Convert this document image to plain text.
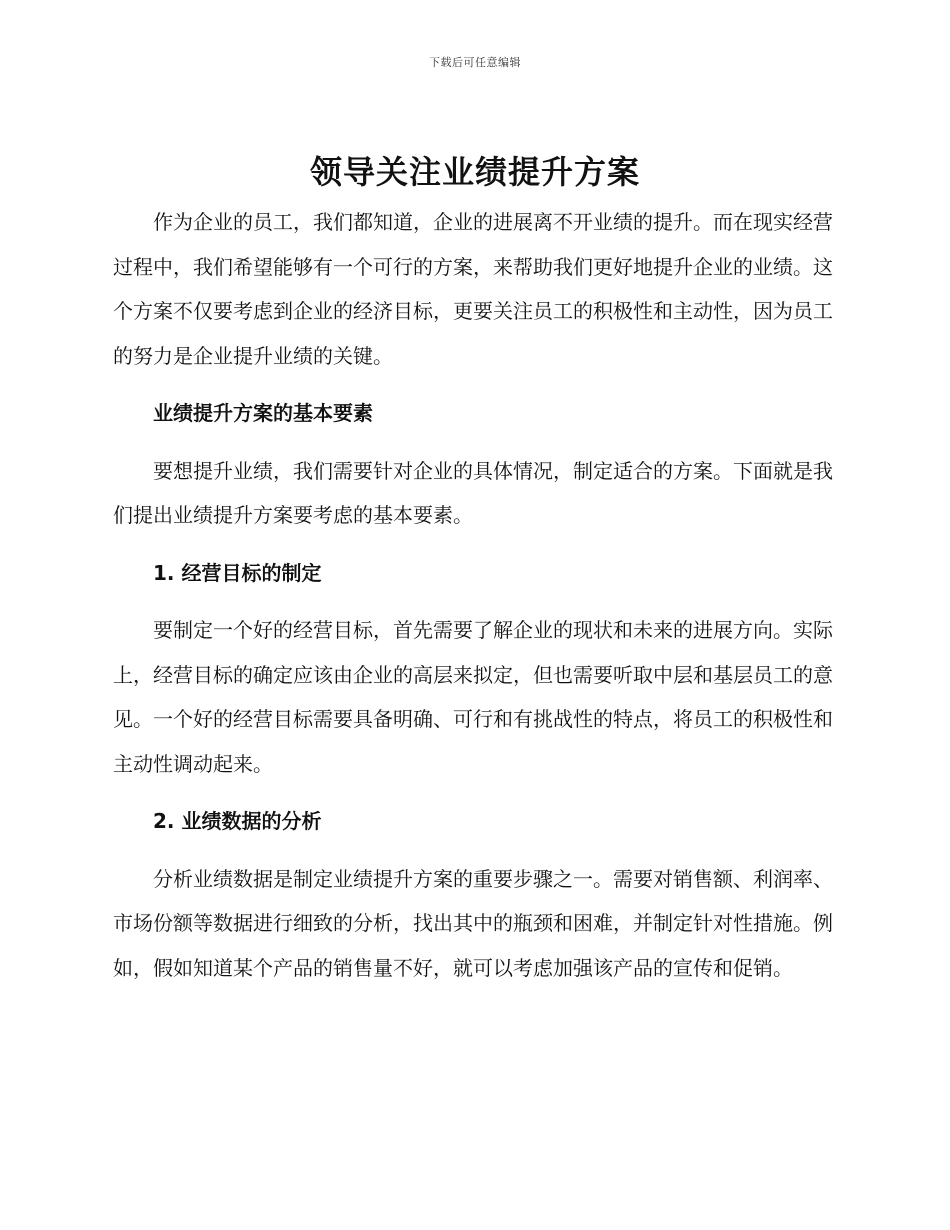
下载后可任意编辑
领导关注业绩提升方案

作为企业的员工，我们都知道，企业的进展离不开业绩的提升。而在现实经营过程中，我们希望能够有一个可行的方案，来帮助我们更好地提升企业的业绩。这个方案不仅要考虑到企业的经济目标，更要关注员工的积极性和主动性，因为员工的努力是企业提升业绩的关键。

业绩提升方案的基本要素

要想提升业绩，我们需要针对企业的具体情况，制定适合的方案。下面就是我们提出业绩提升方案要考虑的基本要素。

1. 经营目标的制定

要制定一个好的经营目标，首先需要了解企业的现状和未来的进展方向。实际上，经营目标的确定应该由企业的高层来拟定，但也需要听取中层和基层员工的意见。一个好的经营目标需要具备明确、可行和有挑战性的特点，将员工的积极性和主动性调动起来。

2. 业绩数据的分析

分析业绩数据是制定业绩提升方案的重要步骤之一。需要对销售额、利润率、市场份额等数据进行细致的分析，找出其中的瓶颈和困难，并制定针对性措施。例如，假如知道某个产品的销售量不好，就可以考虑加强该产品的宣传和促销。
